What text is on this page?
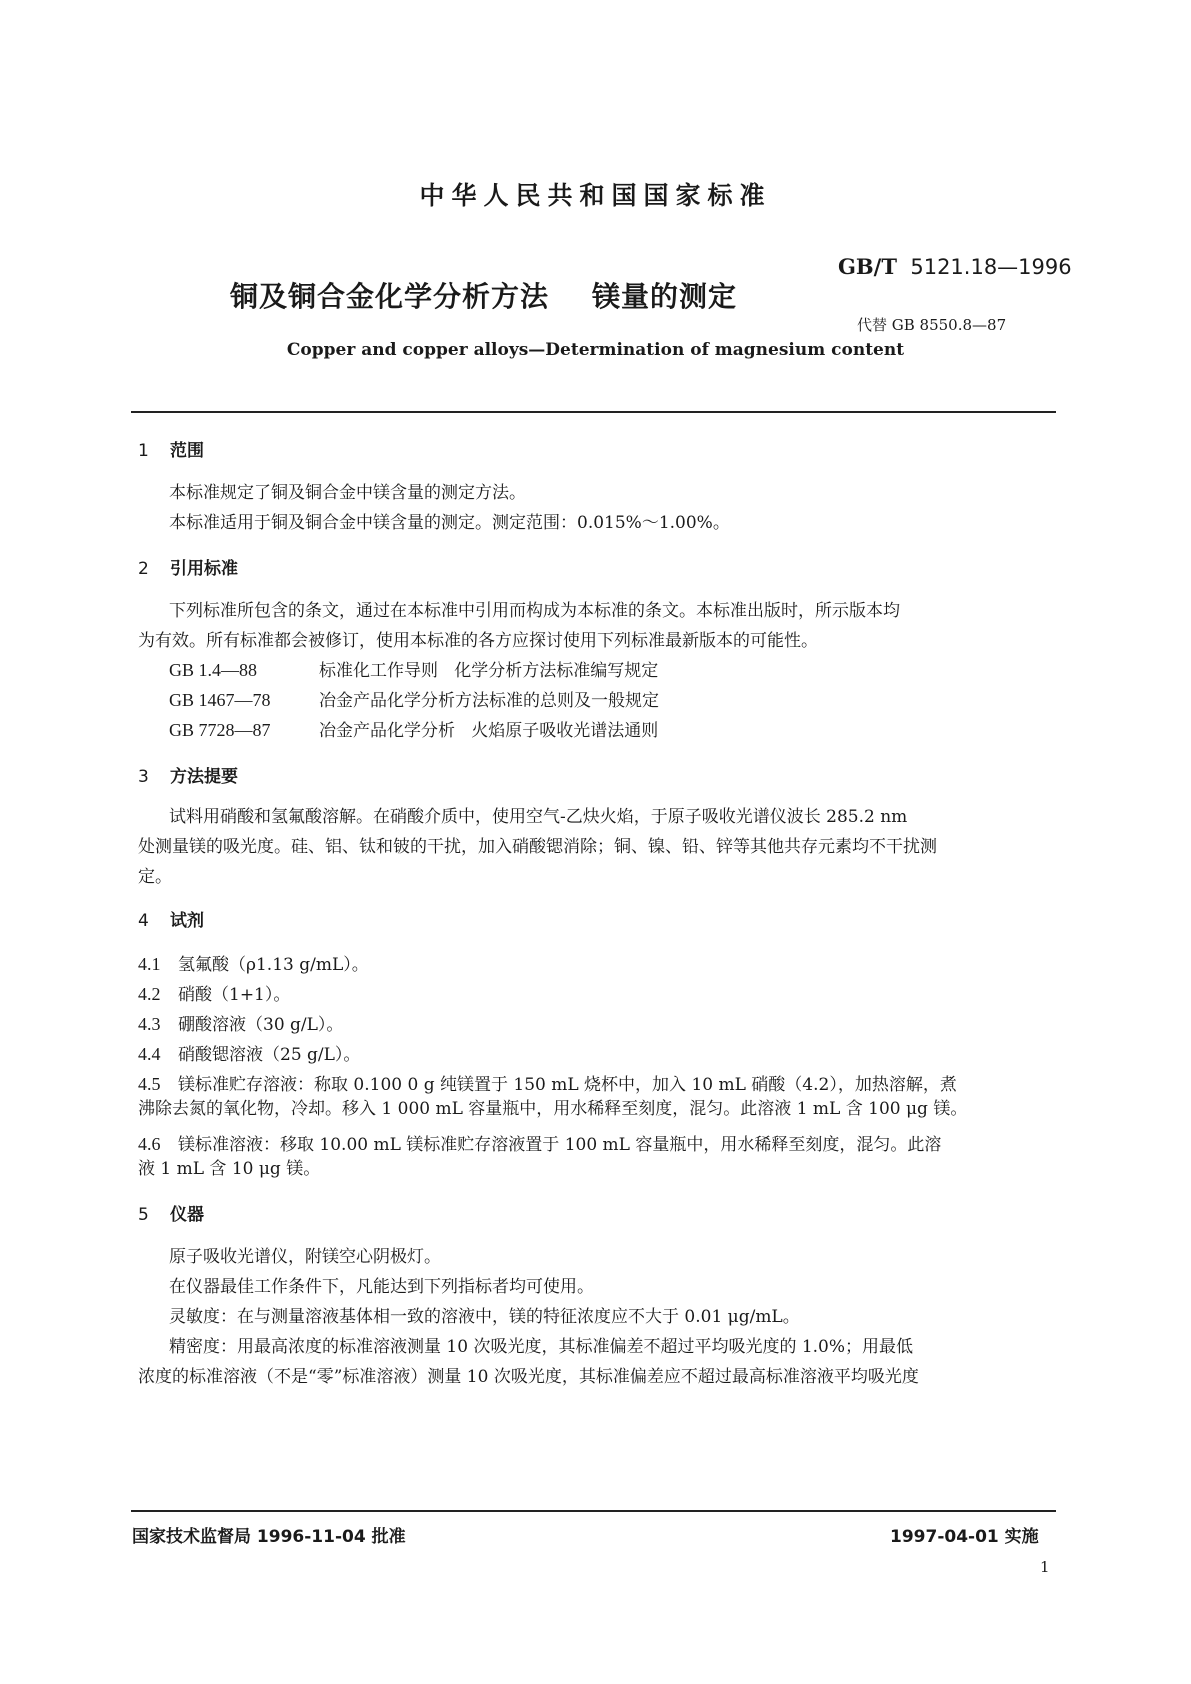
中华人民共和国国家标准
GB/T 5121.18—1996
铜及铜合金化学分析方法    镁量的测定
代替 GB 8550.8—87
Copper and copper alloys—Determination of magnesium content
1 范围
本标准规定了铜及铜合金中镁含量的测定方法。
本标准适用于铜及铜合金中镁含量的测定。测定范围：0.015%～1.00%。
2 引用标准
下列标准所包含的条文，通过在本标准中引用而构成为本标准的条文。本标准出版时，所示版本均
为有效。所有标准都会被修订，使用本标准的各方应探讨使用下列标准最新版本的可能性。
GB 1.4—88	标准化工作导则   化学分析方法标准编写规定
GB 1467—78	冶金产品化学分析方法标准的总则及一般规定
GB 7728—87	冶金产品化学分析   火焰原子吸收光谱法通则
3 方法提要
试料用硝酸和氢氟酸溶解。在硝酸介质中，使用空气-乙炔火焰，于原子吸收光谱仪波长 285.2 nm
处测量镁的吸光度。硅、铝、钛和铍的干扰，加入硝酸锶消除；铜、镍、铅、锌等其他共存元素均不干扰测
定。
4 试剂
4.1 氢氟酸（ρ1.13 g/mL）。
4.2 硝酸（1+1）。
4.3 硼酸溶液（30 g/L）。
4.4 硝酸锶溶液（25 g/L）。
4.5 镁标准贮存溶液：称取 0.100 0 g 纯镁置于 150 mL 烧杯中，加入 10 mL 硝酸（4.2），加热溶解，煮
沸除去氮的氧化物，冷却。移入 1 000 mL 容量瓶中，用水稀释至刻度，混匀。此溶液 1 mL 含 100 μg 镁。
4.6 镁标准溶液：移取 10.00 mL 镁标准贮存溶液置于 100 mL 容量瓶中，用水稀释至刻度，混匀。此溶
液 1 mL 含 10 μg 镁。
5 仪器
原子吸收光谱仪，附镁空心阴极灯。
在仪器最佳工作条件下，凡能达到下列指标者均可使用。
灵敏度：在与测量溶液基体相一致的溶液中，镁的特征浓度应不大于 0.01 μg/mL。
精密度：用最高浓度的标准溶液测量 10 次吸光度，其标准偏差不超过平均吸光度的 1.0%；用最低
浓度的标准溶液（不是“零”标准溶液）测量 10 次吸光度，其标准偏差应不超过最高标准溶液平均吸光度
国家技术监督局 1996-11-04 批准	1997-04-01 实施
1
